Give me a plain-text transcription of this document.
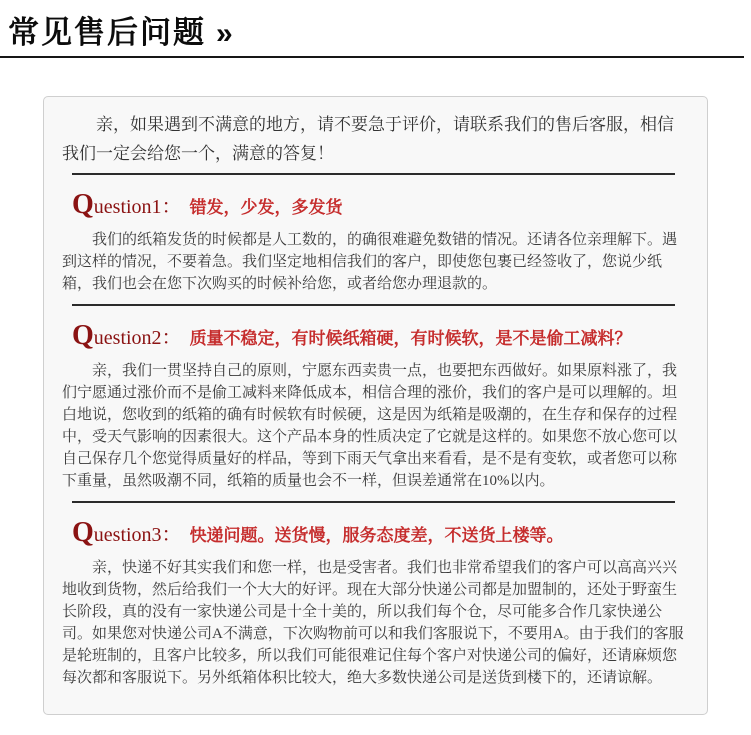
常见售后问题 »

亲，如果遇到不满意的地方，请不要急于评价，请联系我们的售后客服，相信我们一定会给您一个，满意的答复！

Question1： 错发，少发，多发货

我们的纸箱发货的时候都是人工数的，的确很难避免数错的情况。还请各位亲理解下。遇到这样的情况，不要着急。我们坚定地相信我们的客户，即使您包裹已经签收了，您说少纸箱，我们也会在您下次购买的时候补给您，或者给您办理退款的。

Question2： 质量不稳定，有时候纸箱硬，有时候软，是不是偷工减料？

亲，我们一贯坚持自己的原则，宁愿东西卖贵一点，也要把东西做好。如果原料涨了，我们宁愿通过涨价而不是偷工减料来降低成本，相信合理的涨价，我们的客户是可以理解的。坦白地说，您收到的纸箱的确有时候软有时候硬，这是因为纸箱是吸潮的，在生存和保存的过程中，受天气影响的因素很大。这个产品本身的性质决定了它就是这样的。如果您不放心您可以自己保存几个您觉得质量好的样品，等到下雨天气拿出来看看，是不是有变软，或者您可以称下重量，虽然吸潮不同，纸箱的质量也会不一样，但误差通常在10%以内。

Question3： 快递问题。送货慢，服务态度差，不送货上楼等。

亲，快递不好其实我们和您一样，也是受害者。我们也非常希望我们的客户可以高高兴兴地收到货物，然后给我们一个大大的好评。现在大部分快递公司都是加盟制的，还处于野蛮生长阶段，真的没有一家快递公司是十全十美的，所以我们每个仓，尽可能多合作几家快递公司。如果您对快递公司A不满意，下次购物前可以和我们客服说下，不要用A。由于我们的客服是轮班制的，且客户比较多，所以我们可能很难记住每个客户对快递公司的偏好，还请麻烦您每次都和客服说下。另外纸箱体积比较大，绝大多数快递公司是送货到楼下的，还请谅解。
